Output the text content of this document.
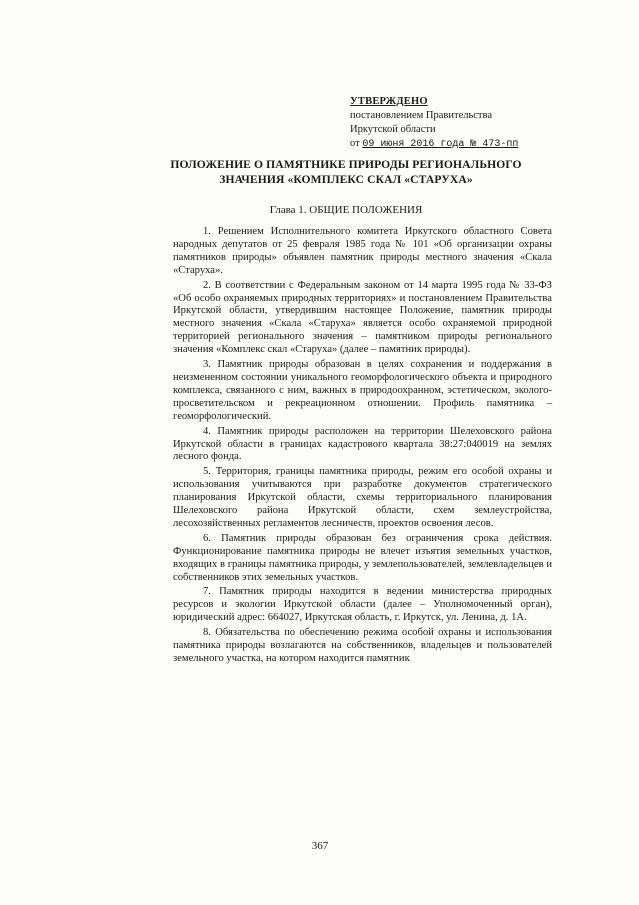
УТВЕРЖДЕНО
постановлением Правительства
Иркутской области
от 09 июня 2016 года № 473-пп
ПОЛОЖЕНИЕ О ПАМЯТНИКЕ ПРИРОДЫ РЕГИОНАЛЬНОГО ЗНАЧЕНИЯ «КОМПЛЕКС СКАЛ «СТАРУХА»
Глава 1. ОБЩИЕ ПОЛОЖЕНИЯ

1. Решением Исполнительного комитета Иркутского областного Совета народных депутатов от 25 февраля 1985 года № 101 «Об организации охраны памятников природы» объявлен памятник природы местного значения «Скала «Старуха».

2. В соответствии с Федеральным законом от 14 марта 1995 года № 33-ФЗ «Об особо охраняемых природных территориях» и постановлением Правительства Иркутской области, утвердившим настоящее Положение, памятник природы местного значения «Скала «Старуха» является особо охраняемой природной территорией регионального значения – памятником природы регионального значения «Комплекс скал «Старуха» (далее – памятник природы).

3. Памятник природы образован в целях сохранения и поддержания в неизмененном состоянии уникального геоморфологического объекта и природного комплекса, связанного с ним, важных в природоохранном, эстетическом, эколого-просветительском и рекреационном отношении. Профиль памятника – геоморфологический.

4. Памятник природы расположен на территории Шелеховского района Иркутской области в границах кадастрового квартала 38:27:040019 на землях лесного фонда.

5. Территория, границы памятника природы, режим его особой охраны и использования учитываются при разработке документов стратегического планирования Иркутской области, схемы территориального планирования Шелеховского района Иркутской области, схем землеустройства, лесохозяйственных регламентов лесничеств, проектов освоения лесов.

6. Памятник природы образован без ограничения срока действия. Функционирование памятника природы не влечет изъятия земельных участков, входящих в границы памятника природы, у землепользователей, землевладельцев и собственников этих земельных участков.

7. Памятник природы находится в ведении министерства природных ресурсов и экологии Иркутской области (далее – Уполномоченный орган), юридический адрес: 664027, Иркутская область, г. Иркутск, ул. Ленина, д. 1А.

8. Обязательства по обеспечению режима особой охраны и использования памятника природы возлагаются на собственников, владельцев и пользователей земельного участка, на котором находится памятник

367
